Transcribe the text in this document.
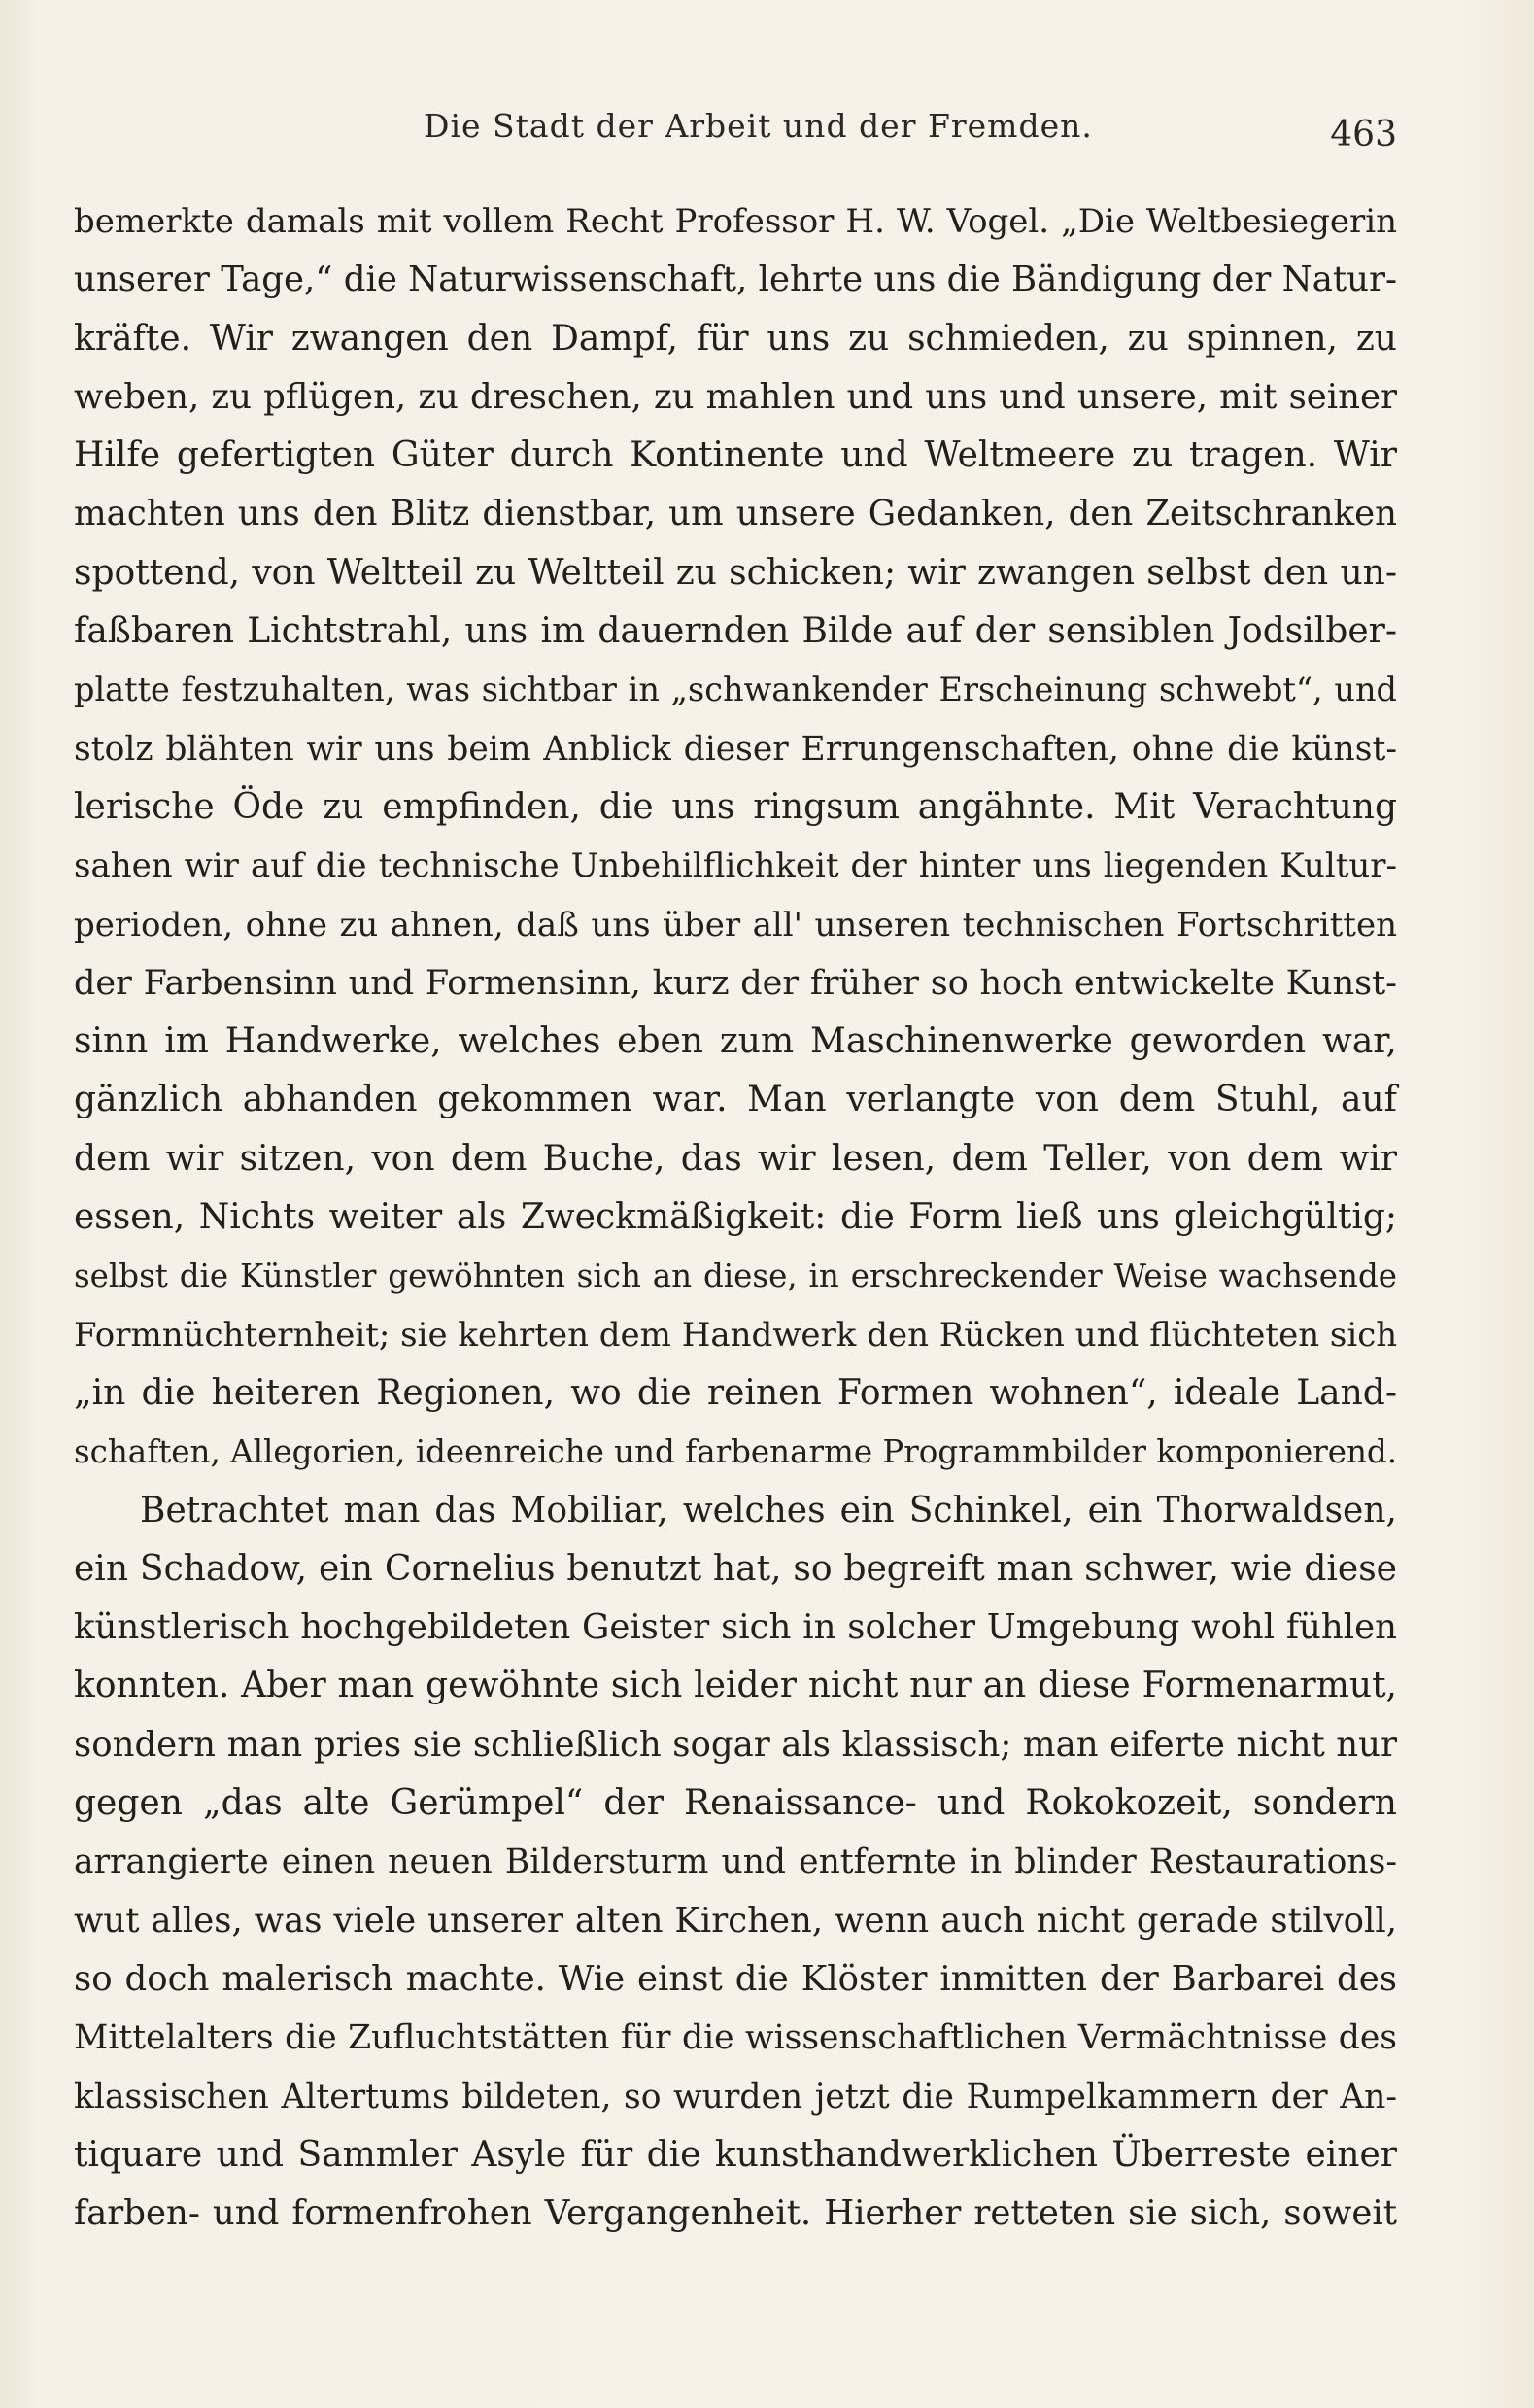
Die Stadt der Arbeit und der Fremden.	463
bemerkte damals mit vollem Recht Professor H. W. Vogel. „Die Weltbesiegerin
unserer Tage,“ die Naturwissenschaft, lehrte uns die Bändigung der Natur-
kräfte. Wir zwangen den Dampf, für uns zu schmieden, zu spinnen, zu
weben, zu pflügen, zu dreschen, zu mahlen und uns und unsere, mit seiner
Hilfe gefertigten Güter durch Kontinente und Weltmeere zu tragen. Wir
machten uns den Blitz dienstbar, um unsere Gedanken, den Zeitschranken
spottend, von Weltteil zu Weltteil zu schicken; wir zwangen selbst den un-
faßbaren Lichtstrahl, uns im dauernden Bilde auf der sensiblen Jodsilber-
platte festzuhalten, was sichtbar in „schwankender Erscheinung schwebt“, und
stolz blähten wir uns beim Anblick dieser Errungenschaften, ohne die künst-
lerische Öde zu empfinden, die uns ringsum angähnte. Mit Verachtung
sahen wir auf die technische Unbehilflichkeit der hinter uns liegenden Kultur-
perioden, ohne zu ahnen, daß uns über all' unseren technischen Fortschritten
der Farbensinn und Formensinn, kurz der früher so hoch entwickelte Kunst-
sinn im Handwerke, welches eben zum Maschinenwerke geworden war,
gänzlich abhanden gekommen war. Man verlangte von dem Stuhl, auf
dem wir sitzen, von dem Buche, das wir lesen, dem Teller, von dem wir
essen, Nichts weiter als Zweckmäßigkeit: die Form ließ uns gleichgültig;
selbst die Künstler gewöhnten sich an diese, in erschreckender Weise wachsende
Formnüchternheit; sie kehrten dem Handwerk den Rücken und flüchteten sich
„in die heiteren Regionen, wo die reinen Formen wohnen“, ideale Land-
schaften, Allegorien, ideenreiche und farbenarme Programmbilder komponierend.
Betrachtet man das Mobiliar, welches ein Schinkel, ein Thorwaldsen,
ein Schadow, ein Cornelius benutzt hat, so begreift man schwer, wie diese
künstlerisch hochgebildeten Geister sich in solcher Umgebung wohl fühlen
konnten. Aber man gewöhnte sich leider nicht nur an diese Formenarmut,
sondern man pries sie schließlich sogar als klassisch; man eiferte nicht nur
gegen „das alte Gerümpel“ der Renaissance- und Rokokozeit, sondern
arrangierte einen neuen Bildersturm und entfernte in blinder Restaurations-
wut alles, was viele unserer alten Kirchen, wenn auch nicht gerade stilvoll,
so doch malerisch machte. Wie einst die Klöster inmitten der Barbarei des
Mittelalters die Zufluchtstätten für die wissenschaftlichen Vermächtnisse des
klassischen Altertums bildeten, so wurden jetzt die Rumpelkammern der An-
tiquare und Sammler Asyle für die kunsthandwerklichen Überreste einer
farben- und formenfrohen Vergangenheit. Hierher retteten sie sich, soweit
